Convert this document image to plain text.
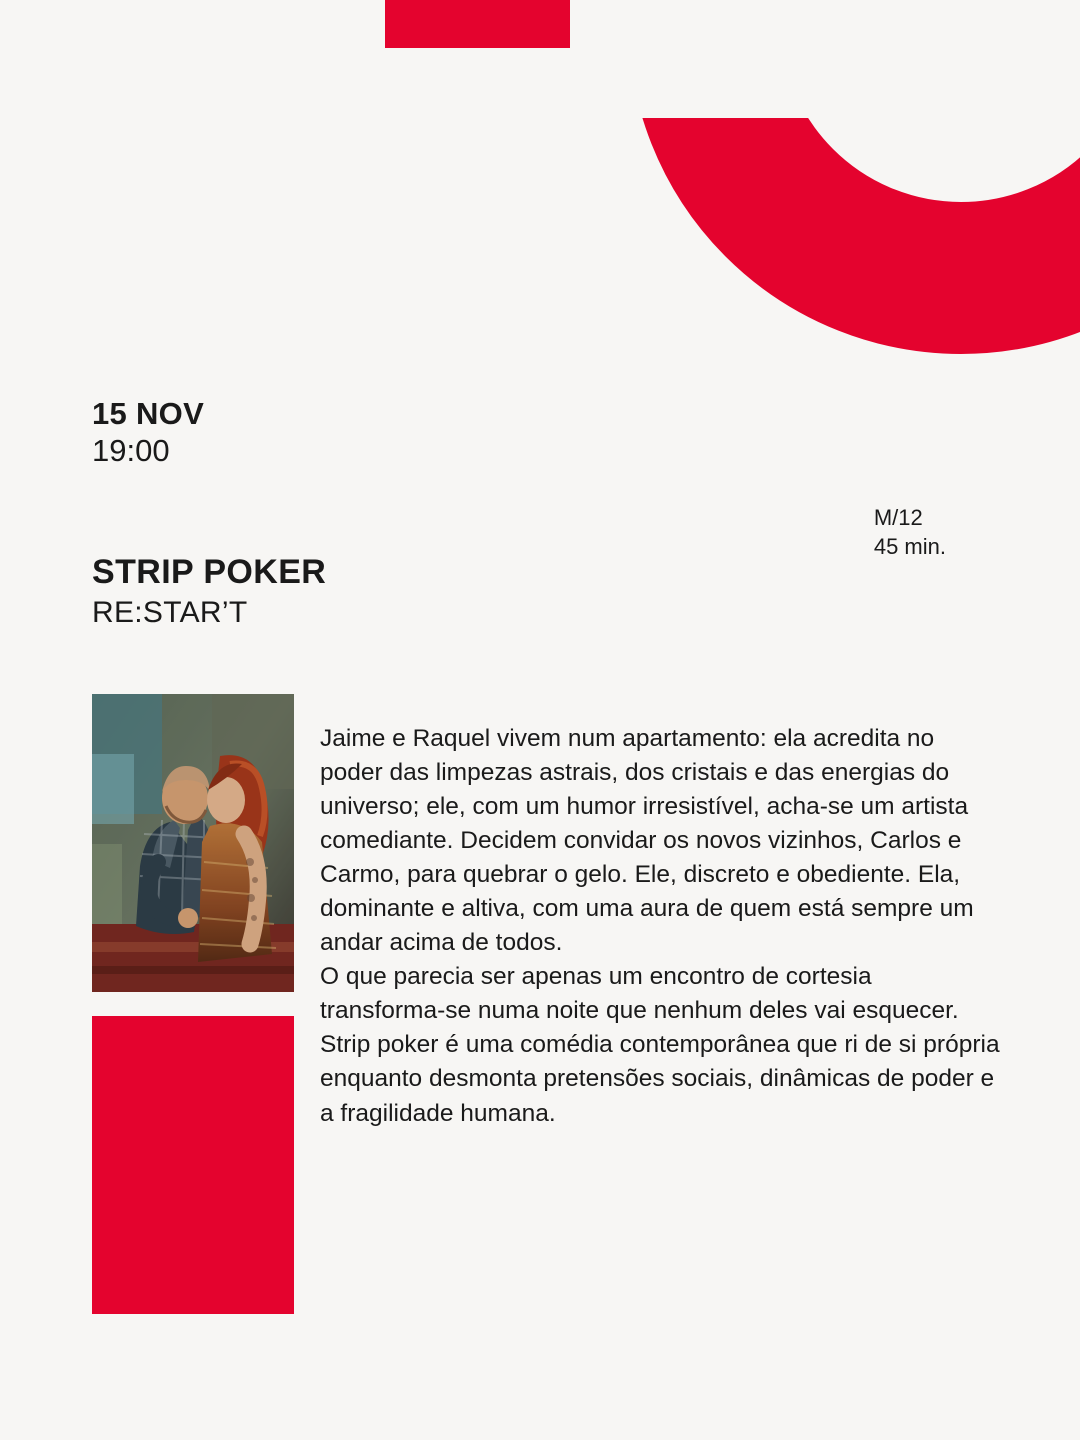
15 NOV

19:00

M/12
45 min.
STRIP POKER

RE:STAR’T

Jaime e Raquel vivem num apartamento: ela acredita no poder das limpezas astrais, dos cristais e das energias do universo; ele, com um humor irresistível, acha-se um artista comediante. Decidem convidar os novos vizinhos, Carlos e Carmo, para quebrar o gelo. Ele, discreto e obediente. Ela, dominante e altiva, com uma aura de quem está sempre um andar acima de todos.

O que parecia ser apenas um encontro de cortesia transforma-se numa noite que nenhum deles vai esquecer.

Strip poker é uma comédia contemporânea que ri de si própria enquanto desmonta pretensões sociais, dinâmicas de poder e a fragilidade humana.
